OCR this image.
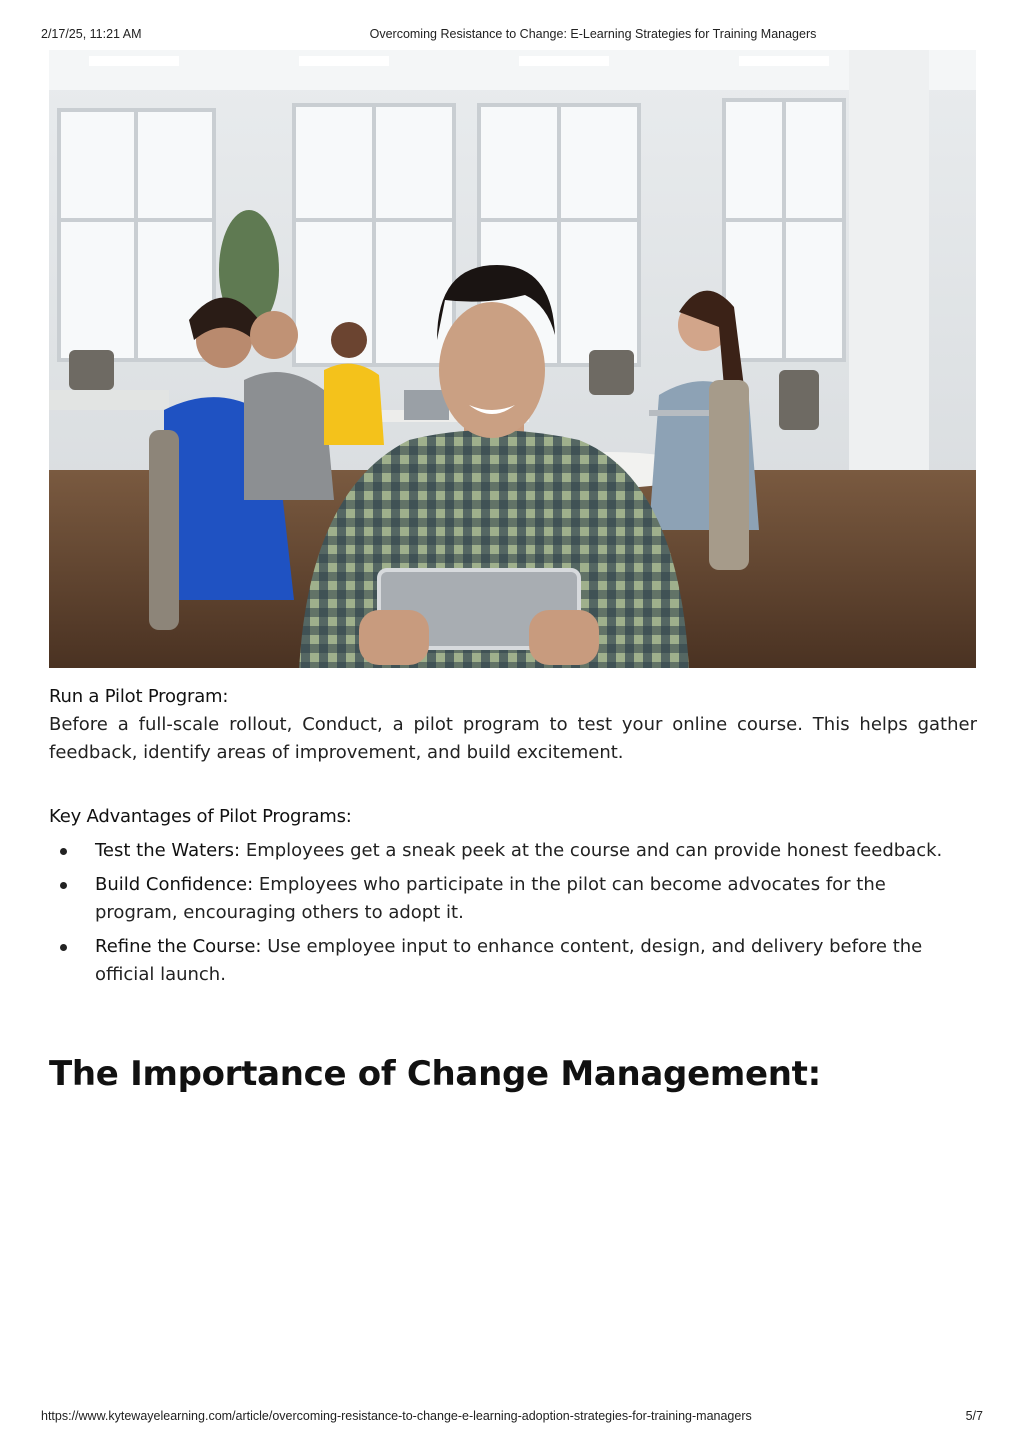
2/17/25, 11:21 AM	Overcoming Resistance to Change: E-Learning Strategies for Training Managers

Run a Pilot Program:

Before a full-scale rollout, Conduct, a pilot program to test your online course. This helps gather feedback, identify areas of improvement, and build excitement.

Key Advantages of Pilot Programs:

Test the Waters: Employees get a sneak peek at the course and can provide honest feedback.
Build Confidence: Employees who participate in the pilot can become advocates for the program, encouraging others to adopt it.
Refine the Course: Use employee input to enhance content, design, and delivery before the official launch.
The Importance of Change Management:
https://www.kytewayelearning.com/article/overcoming-resistance-to-change-e-learning-adoption-strategies-for-training-managers	5/7
